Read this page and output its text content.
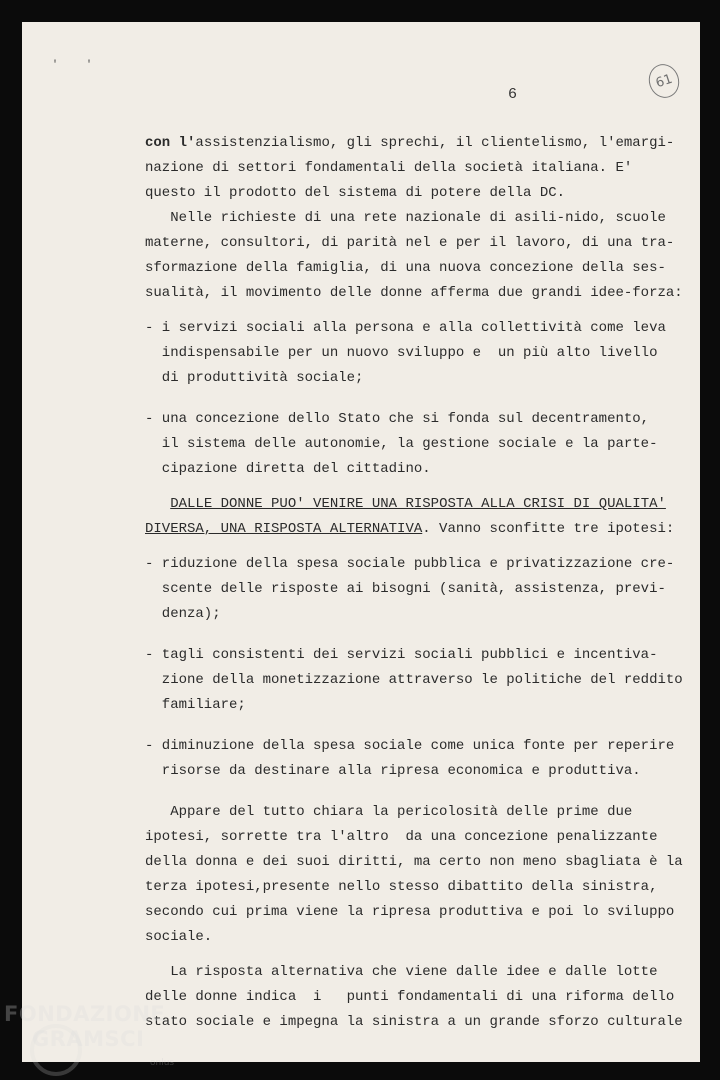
'	'
6
61
con l'assistenzialismo, gli sprechi, il clientelismo, l'emargi-
nazione di settori fondamentali della società italiana. E'
questo il prodotto del sistema di potere della DC.
Nelle richieste di una rete nazionale di asili-nido, scuole
materne, consultori, di parità nel e per il lavoro, di una tra-
sformazione della famiglia, di una nuova concezione della ses-
sualità, il movimento delle donne afferma due grandi idee-forza:
- i servizi sociali alla persona e alla collettività come leva
indispensabile per un nuovo sviluppo e  un più alto livello
di produttività sociale;
- una concezione dello Stato che si fonda sul decentramento,
il sistema delle autonomie, la gestione sociale e la parte-
cipazione diretta del cittadino.
DALLE DONNE PUO' VENIRE UNA RISPOSTA ALLA CRISI DI QUALITA'
DIVERSA, UNA RISPOSTA ALTERNATIVA. Vanno sconfitte tre ipotesi:
- riduzione della spesa sociale pubblica e privatizzazione cre-
scente delle risposte ai bisogni (sanità, assistenza, previ-
denza);
- tagli consistenti dei servizi sociali pubblici e incentiva-
zione della monetizzazione attraverso le politiche del reddito
familiare;
- diminuzione della spesa sociale come unica fonte per reperire
risorse da destinare alla ripresa economica e produttiva.
Appare del tutto chiara la pericolosità delle prime due
ipotesi, sorrette tra l'altro  da una concezione penalizzante
della donna e dei suoi diritti, ma certo non meno sbagliata è la
terza ipotesi,presente nello stesso dibattito della sinistra,
secondo cui prima viene la ripresa produttiva e poi lo sviluppo
sociale.
La risposta alternativa che viene dalle idee e dalle lotte
delle donne indica  i   punti fondamentali di una riforma dello
stato sociale e impegna la sinistra a un grande sforzo culturale
FONDAZIONE
GRAMSCI
onlus
